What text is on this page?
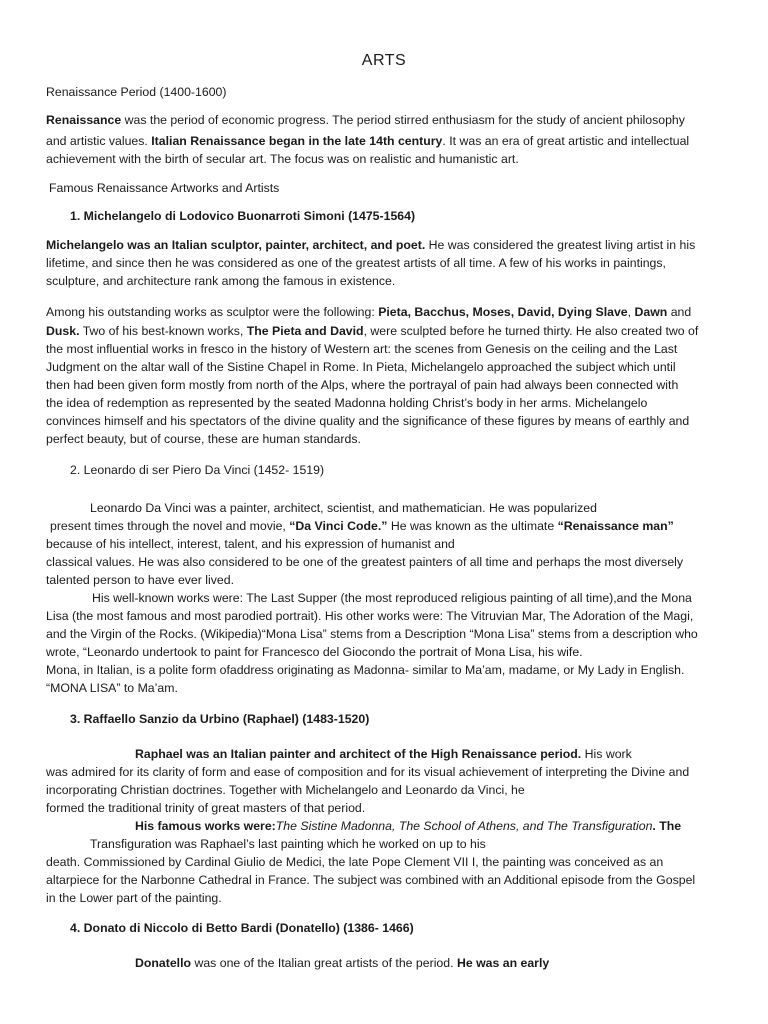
ARTS
Renaissance Period (1400-1600)
Renaissance was the period of economic progress. The period stirred enthusiasm for the study of ancient philosophy
and artistic values. Italian Renaissance began in the late 14th century. It was an era of great artistic and intellectual
achievement with the birth of secular art. The focus was on realistic and humanistic art.
Famous Renaissance Artworks and Artists
1. Michelangelo di Lodovico Buonarroti Simoni (1475-1564)
Michelangelo was an Italian sculptor, painter, architect, and poet. He was considered the greatest living artist in his
lifetime, and since then he was considered as one of the greatest artists of all time. A few of his works in paintings,
sculpture, and architecture rank among the famous in existence.
Among his outstanding works as sculptor were the following: Pieta, Bacchus, Moses, David, Dying Slave, Dawn and
Dusk. Two of his best-known works, The Pieta and David, were sculpted before he turned thirty. He also created two of
the most influential works in fresco in the history of Western art: the scenes from Genesis on the ceiling and the Last
Judgment on the altar wall of the Sistine Chapel in Rome. In Pieta, Michelangelo approached the subject which until
then had been given form mostly from north of the Alps, where the portrayal of pain had always been connected with
the idea of redemption as represented by the seated Madonna holding Christ’s body in her arms. Michelangelo
convinces himself and his spectators of the divine quality and the significance of these figures by means of earthly and
perfect beauty, but of course, these are human standards.
2. Leonardo di ser Piero Da Vinci (1452- 1519)
Leonardo Da Vinci was a painter, architect, scientist, and mathematician. He was popularized
present times through the novel and movie, “Da Vinci Code.” He was known as the ultimate “Renaissance man”
because of his intellect, interest, talent, and his expression of humanist and
classical values. He was also considered to be one of the greatest painters of all time and perhaps the most diversely
talented person to have ever lived.
His well-known works were: The Last Supper (the most reproduced religious painting of all time),and the Mona
Lisa (the most famous and most parodied portrait). His other works were: The Vitruvian Mar, The Adoration of the Magi,
and the Virgin of the Rocks. (Wikipedia)“Mona Lisa” stems from a Description “Mona Lisa” stems from a description who
wrote, “Leonardo undertook to paint for Francesco del Giocondo the portrait of Mona Lisa, his wife.
Mona, in Italian, is a polite form ofaddress originating as Madonna- similar to Ma’am, madame, or My Lady in English.
“MONA LISA” to Ma’am.
3. Raffaello Sanzio da Urbino (Raphael) (1483-1520)
Raphael was an Italian painter and architect of the High Renaissance period. His work
was admired for its clarity of form and ease of composition and for its visual achievement of interpreting the Divine and
incorporating Christian doctrines. Together with Michelangelo and Leonardo da Vinci, he
formed the traditional trinity of great masters of that period.
His famous works were:The Sistine Madonna, The School of Athens, and The Transfiguration. The
Transfiguration was Raphael’s last painting which he worked on up to his
death. Commissioned by Cardinal Giulio de Medici, the late Pope Clement VII I, the painting was conceived as an
altarpiece for the Narbonne Cathedral in France. The subject was combined with an Additional episode from the Gospel
in the Lower part of the painting.
4. Donato di Niccolo di Betto Bardi (Donatello) (1386- 1466)
Donatello was one of the Italian great artists of the period. He was an early
